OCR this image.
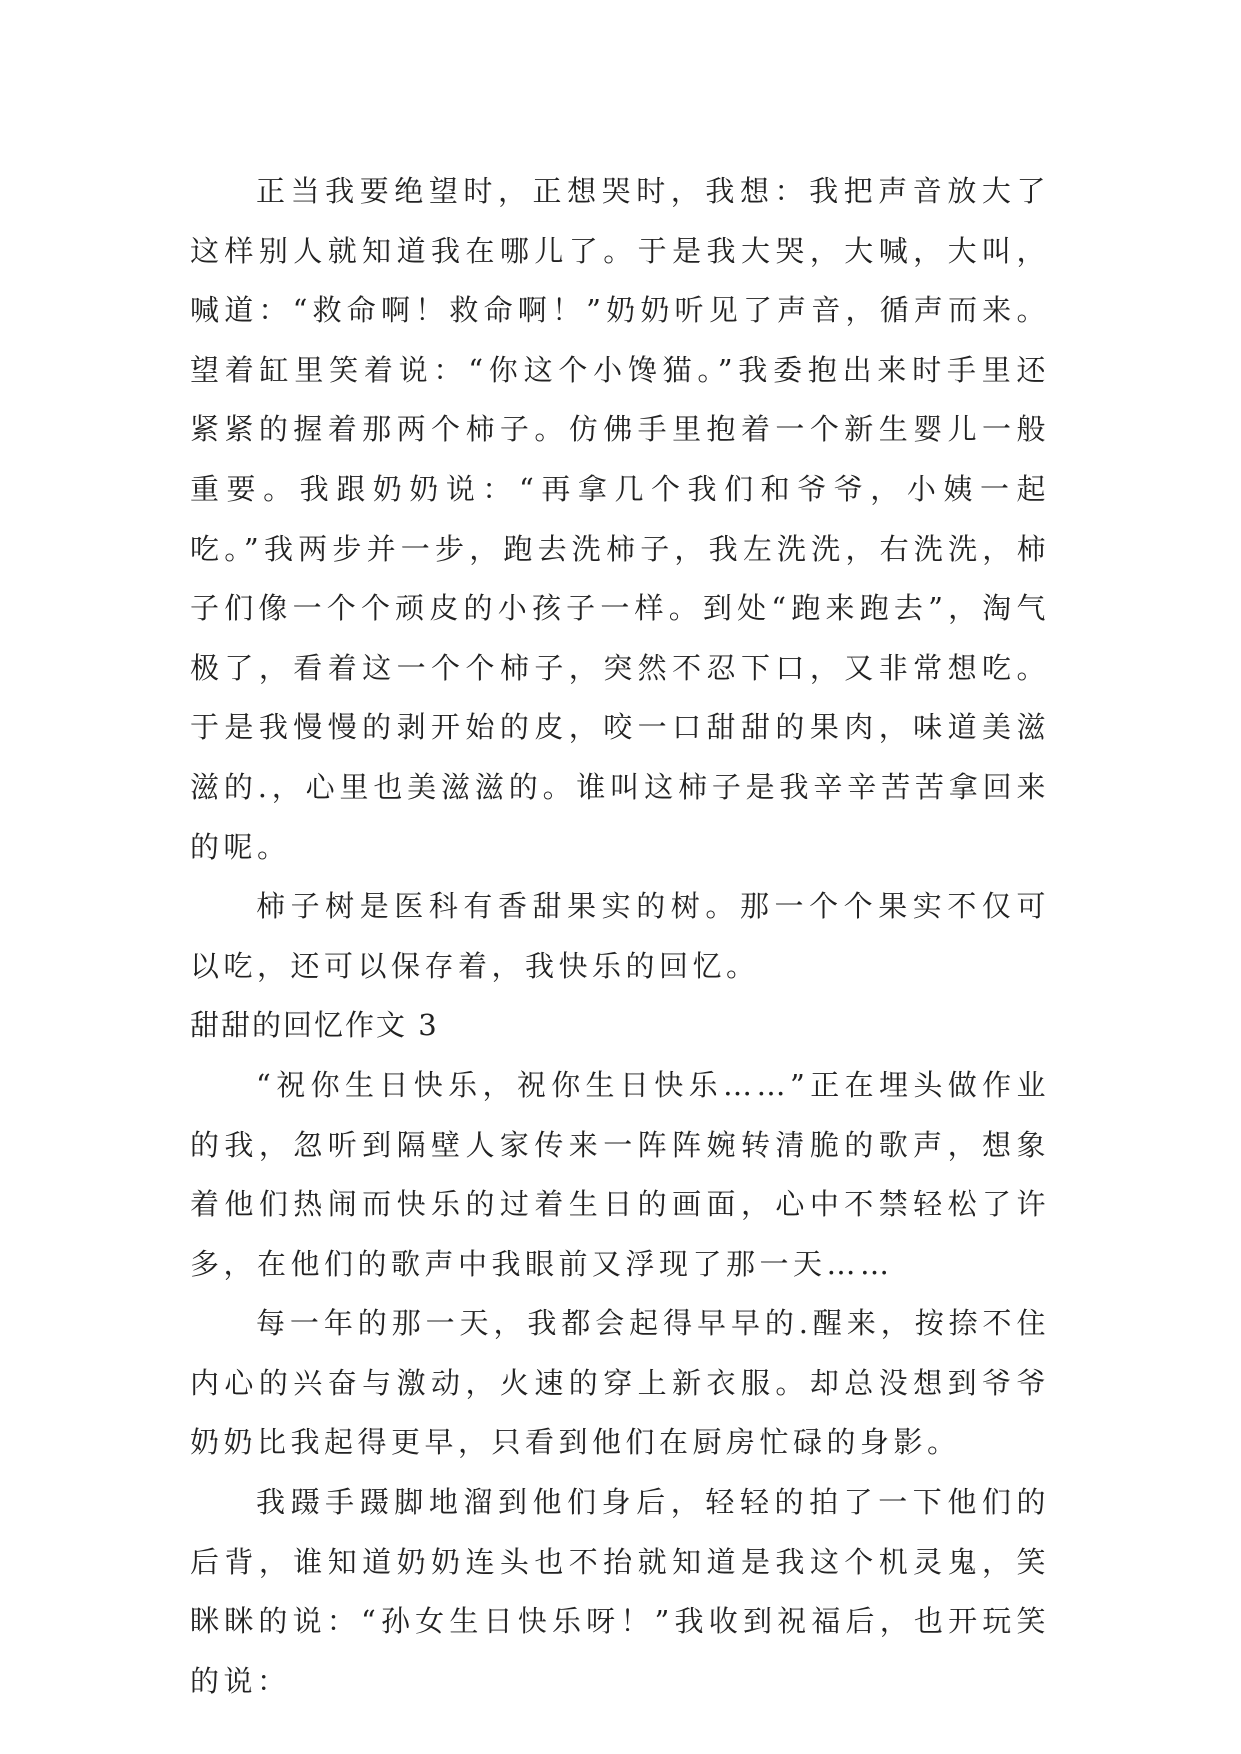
正当我要绝望时，正想哭时，我想：我把声音放大了这样别人就知道我在哪儿了。于是我大哭，大喊，大叫，喊道：“救命啊！救命啊！”奶奶听见了声音，循声而来。望着缸里笑着说：“你这个小馋猫。”我委抱出来时手里还紧紧的握着那两个柿子。仿佛手里抱着一个新生婴儿一般重要。我跟奶奶说：“再拿几个我们和爷爷，小姨一起吃。”我两步并一步，跑去洗柿子，我左洗洗，右洗洗，柿子们像一个个顽皮的小孩子一样。到处“跑来跑去”，淘气极了，看着这一个个柿子，突然不忍下口，又非常想吃。于是我慢慢的剥开始的皮，咬一口甜甜的果肉，味道美滋滋的.，心里也美滋滋的。谁叫这柿子是我辛辛苦苦拿回来的呢。

柿子树是医科有香甜果实的树。那一个个果实不仅可以吃，还可以保存着，我快乐的回忆。

甜甜的回忆作文 3

“祝你生日快乐，祝你生日快乐……”正在埋头做作业的我，忽听到隔壁人家传来一阵阵婉转清脆的歌声，想象着他们热闹而快乐的过着生日的画面，心中不禁轻松了许多，在他们的歌声中我眼前又浮现了那一天……

每一年的那一天，我都会起得早早的.醒来，按捺不住内心的兴奋与激动，火速的穿上新衣服。却总没想到爷爷奶奶比我起得更早，只看到他们在厨房忙碌的身影。

我蹑手蹑脚地溜到他们身后，轻轻的拍了一下他们的后背，谁知道奶奶连头也不抬就知道是我这个机灵鬼，笑眯眯的说：“孙女生日快乐呀！”我收到祝福后，也开玩笑的说：
